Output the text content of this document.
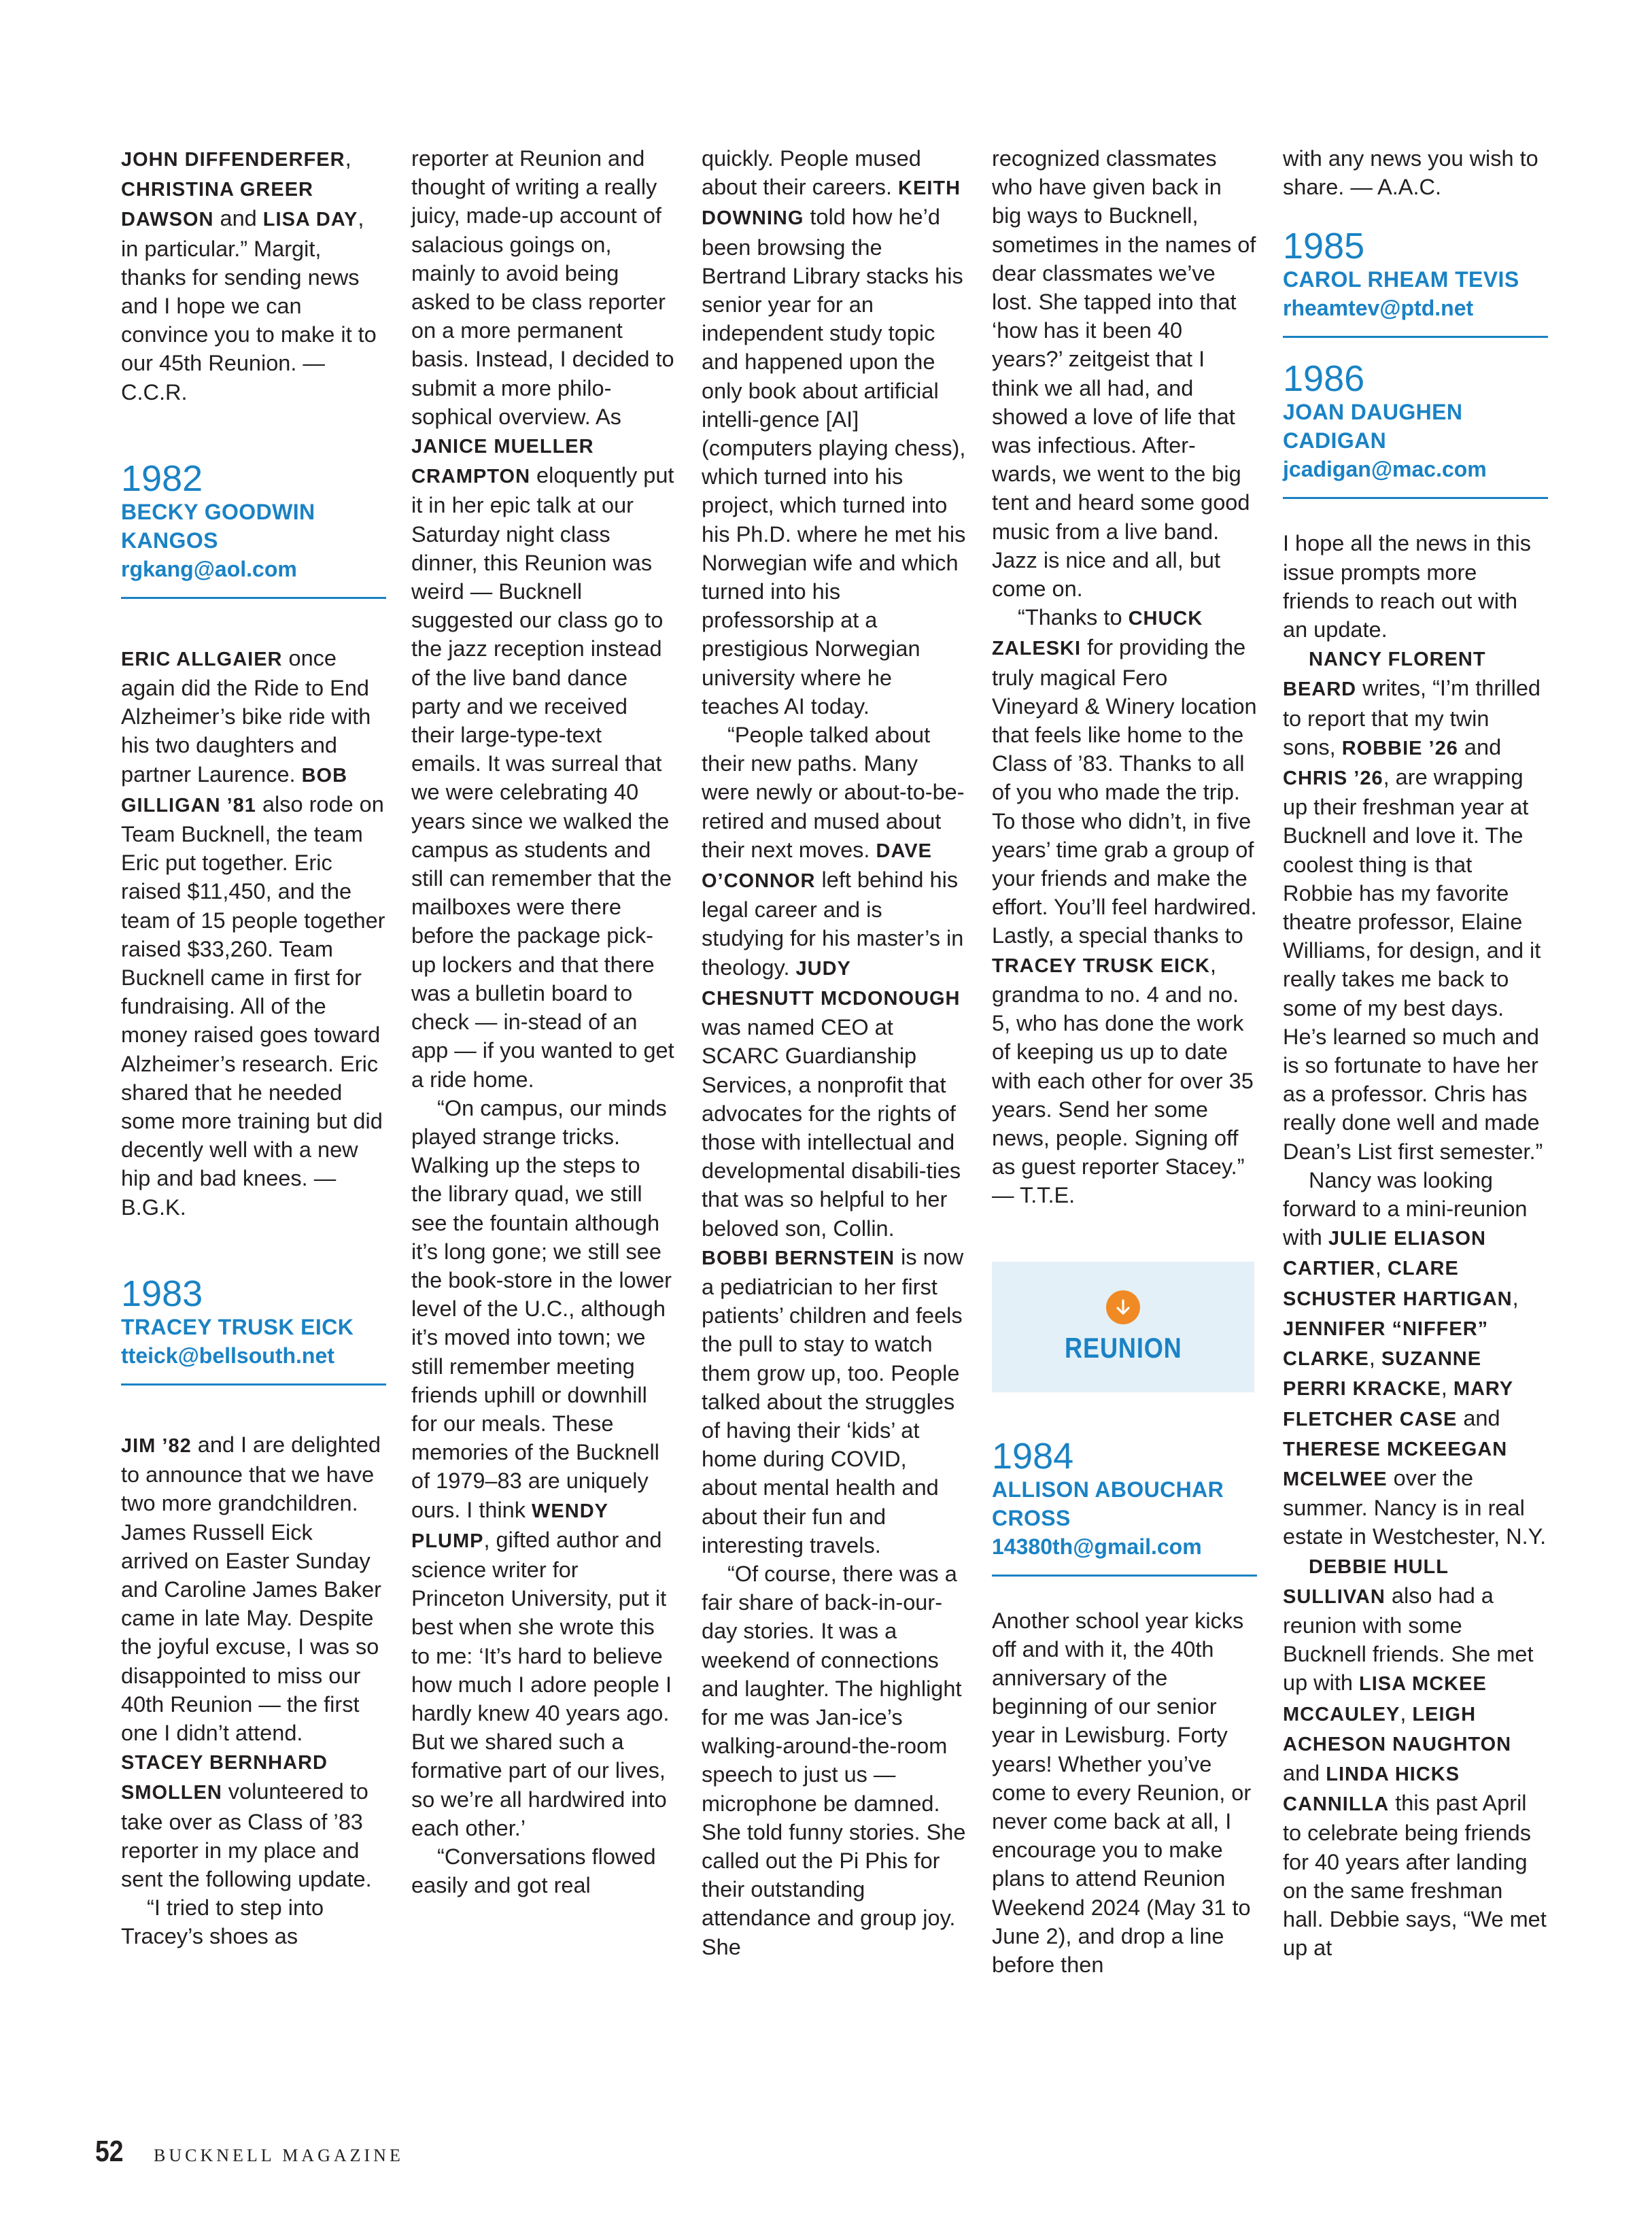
JOHN DIFFENDERFER, CHRISTINA GREER DAWSON and LISA DAY, in particular.” Margit, thanks for sending news and I hope we can convince you to make it to our 45th Reunion. — C.C.R.

1982
BECKY GOODWIN KANGOS
rgkang@aol.com

ERIC ALLGAIER once again did the Ride to End Alzheimer’s bike ride with his two daughters and partner Laurence. BOB GILLIGAN ’81 also rode on Team Bucknell, the team Eric put together. Eric raised $11,450, and the team of 15 people together raised $33,260. Team Bucknell came in first for fundraising. All of the money raised goes toward Alzheimer’s research. Eric shared that he needed some more training but did decently well with a new hip and bad knees. — B.G.K.

1983
TRACEY TRUSK EICK
tteick@bellsouth.net

JIM ’82 and I are delighted to announce that we have two more grandchildren. James Russell Eick arrived on Easter Sunday and Caroline James Baker came in late May. Despite the joyful excuse, I was so disappointed to miss our 40th Reunion — the first one I didn’t attend. STACEY BERNHARD SMOLLEN volunteered to take over as Class of ’83 reporter in my place and sent the following update.

“I tried to step into Tracey’s shoes as

reporter at Reunion and thought of writing a really juicy, made-up account of salacious goings on, mainly to avoid being asked to be class reporter on a more permanent basis. Instead, I decided to submit a more philo-sophical overview. As JANICE MUELLER CRAMPTON eloquently put it in her epic talk at our Saturday night class dinner, this Reunion was weird — Bucknell suggested our class go to the jazz reception instead of the live band dance party and we received their large-type-text emails. It was surreal that we were celebrating 40 years since we walked the campus as students and still can remember that the mailboxes were there before the package pick-up lockers and that there was a bulletin board to check — in-stead of an app — if you wanted to get a ride home.

“On campus, our minds played strange tricks. Walking up the steps to the library quad, we still see the fountain although it’s long gone; we still see the book-store in the lower level of the U.C., although it’s moved into town; we still remember meeting friends uphill or downhill for our meals. These memories of the Bucknell of 1979–83 are uniquely ours. I think WENDY PLUMP, gifted author and science writer for Princeton University, put it best when she wrote this to me: ‘It’s hard to believe how much I adore people I hardly knew 40 years ago. But we shared such a formative part of our lives, so we’re all hardwired into each other.’

“Conversations flowed easily and got real

quickly. People mused about their careers. KEITH DOWNING told how he’d been browsing the Bertrand Library stacks his senior year for an independent study topic and happened upon the only book about artificial intelli-gence [AI] (computers playing chess), which turned into his project, which turned into his Ph.D. where he met his Norwegian wife and which turned into his professorship at a prestigious Norwegian university where he teaches AI today.

“People talked about their new paths. Many were newly or about-to-be-retired and mused about their next moves. DAVE O’CONNOR left behind his legal career and is studying for his master’s in theology. JUDY CHESNUTT MCDONOUGH was named CEO at SCARC Guardianship Services, a nonprofit that advocates for the rights of those with intellectual and developmental disabili-ties that was so helpful to her beloved son, Collin. BOBBI BERNSTEIN is now a pediatrician to her first patients’ children and feels the pull to stay to watch them grow up, too. People talked about the struggles of having their ‘kids’ at home during COVID, about mental health and about their fun and interesting travels.

“Of course, there was a fair share of back-in-our-day stories. It was a weekend of connections and laughter. The highlight for me was Jan-ice’s walking-around-the-room speech to just us — microphone be damned. She told funny stories. She called out the Pi Phis for their outstanding attendance and group joy. She

recognized classmates who have given back in big ways to Bucknell, sometimes in the names of dear classmates we’ve lost. She tapped into that ‘how has it been 40 years?’ zeitgeist that I think we all had, and showed a love of life that was infectious. After-wards, we went to the big tent and heard some good music from a live band. Jazz is nice and all, but come on.

“Thanks to CHUCK ZALESKI for providing the truly magical Fero Vineyard & Winery location that feels like home to the Class of ’83. Thanks to all of you who made the trip. To those who didn’t, in five years’ time grab a group of your friends and make the effort. You’ll feel hardwired. Lastly, a special thanks to TRACEY TRUSK EICK, grandma to no. 4 and no. 5, who has done the work of keeping us up to date with each other for over 35 years. Send her some news, people. Signing off as guest reporter Stacey.” — T.T.E.

REUNION
1984
ALLISON ABOUCHAR CROSS
14380th@gmail.com

Another school year kicks off and with it, the 40th anniversary of the beginning of our senior year in Lewisburg. Forty years! Whether you’ve come to every Reunion, or never come back at all, I encourage you to make plans to attend Reunion Weekend 2024 (May 31 to June 2), and drop a line before then

with any news you wish to share. — A.A.C.

1985
CAROL RHEAM TEVIS
rheamtev@ptd.net
1986
JOAN DAUGHEN CADIGAN
jcadigan@mac.com

I hope all the news in this issue prompts more friends to reach out with an update.

NANCY FLORENT BEARD writes, “I’m thrilled to report that my twin sons, ROBBIE ’26 and CHRIS ’26, are wrapping up their freshman year at Bucknell and love it. The coolest thing is that Robbie has my favorite theatre professor, Elaine Williams, for design, and it really takes me back to some of my best days. He’s learned so much and is so fortunate to have her as a professor. Chris has really done well and made Dean’s List first semester.”

Nancy was looking forward to a mini-reunion with JULIE ELIASON CARTIER, CLARE SCHUSTER HARTIGAN, JENNIFER “NIFFER” CLARKE, SUZANNE PERRI KRACKE, MARY FLETCHER CASE and THERESE MCKEEGAN MCELWEE over the summer. Nancy is in real estate in Westchester, N.Y.

DEBBIE HULL SULLIVAN also had a reunion with some Bucknell friends. She met up with LISA MCKEE MCCAULEY, LEIGH ACHESON NAUGHTON and LINDA HICKS CANNILLA this past April to celebrate being friends for 40 years after landing on the same freshman hall. Debbie says, “We met up at

52	BUCKNELL MAGAZINE
